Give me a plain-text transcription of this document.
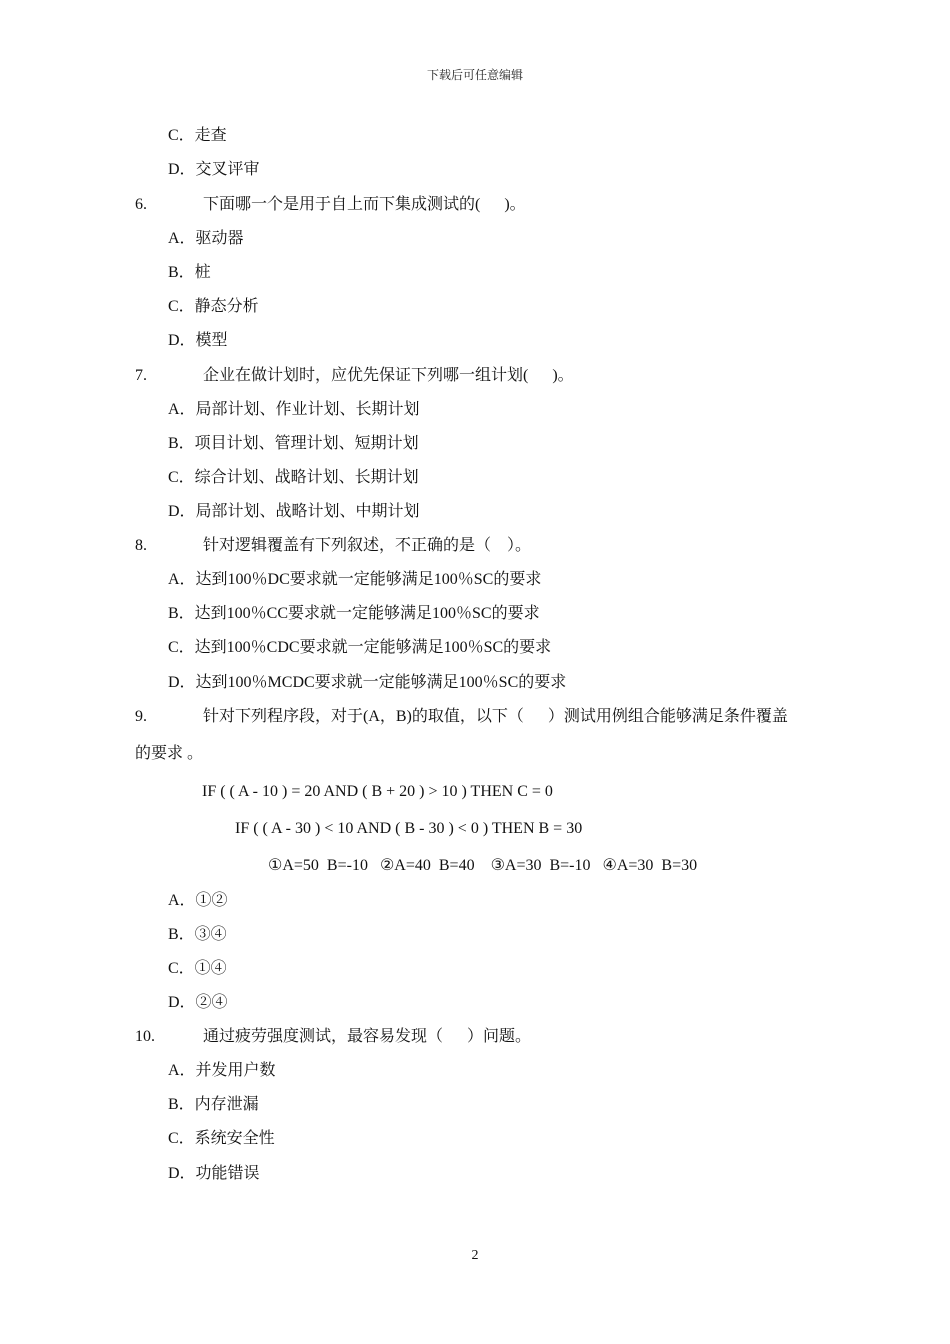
下载后可任意编辑
C．走查
D．交叉评审
6.	下面哪一个是用于自上而下集成测试的(      )。
A．驱动器
B．桩
C．静态分析
D．模型
7.	企业在做计划时，应优先保证下列哪一组计划(      )。
A．局部计划、作业计划、长期计划
B．项目计划、管理计划、短期计划
C．综合计划、战略计划、长期计划
D．局部计划、战略计划、中期计划
8.	针对逻辑覆盖有下列叙述，不正确的是（    ）。
A．达到100％DC要求就一定能够满足100％SC的要求
B．达到100％CC要求就一定能够满足100％SC的要求
C．达到100％CDC要求就一定能够满足100％SC的要求
D．达到100％MCDC要求就一定能够满足100％SC的要求
9.	针对下列程序段，对于(A，B)的取值，以下（      ）测试用例组合能够满足条件覆盖
的要求 。
IF ( ( A - 10 ) = 20 AND ( B + 20 ) > 10 ) THEN C = 0
IF ( ( A - 30 ) < 10 AND ( B - 30 ) < 0 ) THEN B = 30
①A=50  B=-10   ②A=40  B=40    ③A=30  B=-10   ④A=30  B=30
A．①②
B．③④
C．①④
D．②④
10.	通过疲劳强度测试，最容易发现（      ）问题。
A．并发用户数
B．内存泄漏
C．系统安全性
D．功能错误
2
